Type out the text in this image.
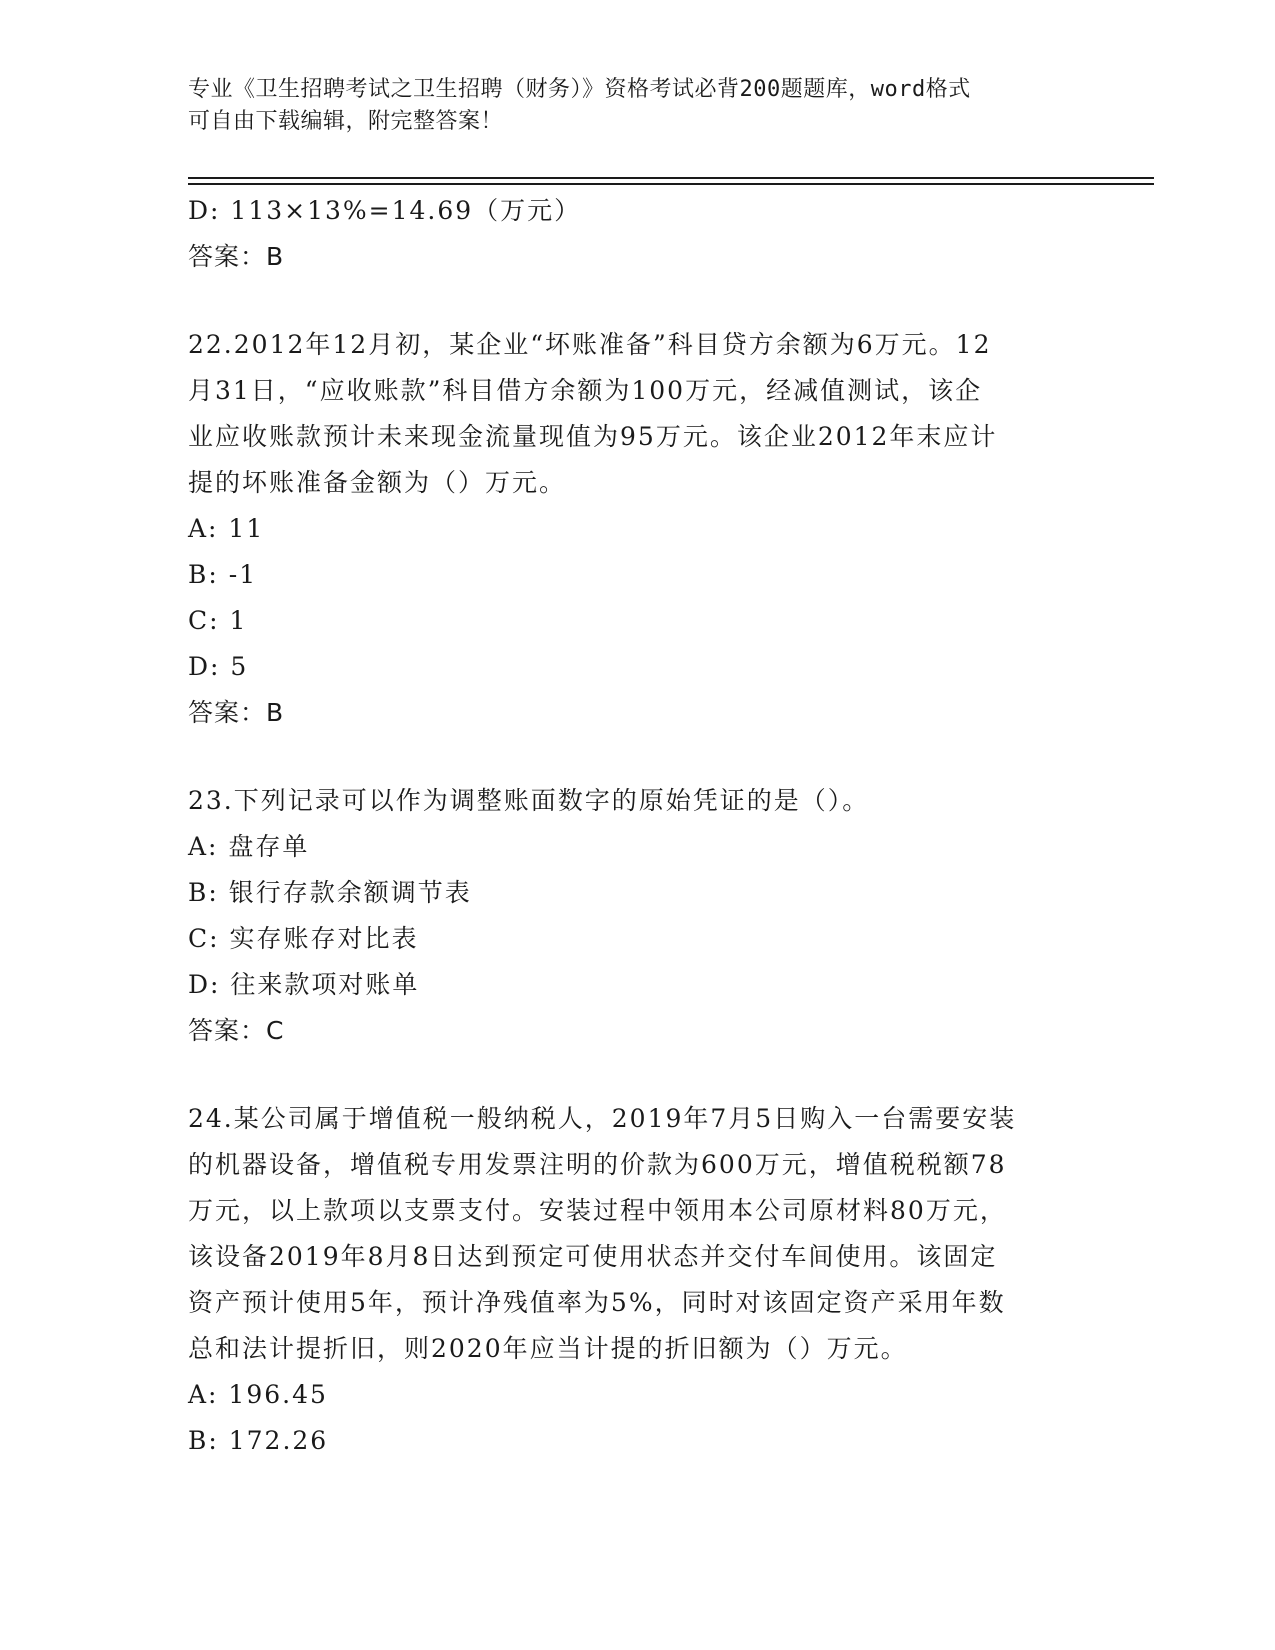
专业《卫生招聘考试之卫生招聘（财务）》资格考试必背200题题库，word格式
可自由下载编辑，附完整答案！
D: 113×13%=14.69（万元）
答案：B
22.2012年12月初，某企业“坏账准备”科目贷方余额为6万元。12
月31日，“应收账款”科目借方余额为100万元，经减值测试，该企
业应收账款预计未来现金流量现值为95万元。该企业2012年末应计
提的坏账准备金额为（）万元。
A: 11
B: -1
C: 1
D: 5
答案：B
23.下列记录可以作为调整账面数字的原始凭证的是（）。
A: 盘存单
B: 银行存款余额调节表
C: 实存账存对比表
D: 往来款项对账单
答案：C
24.某公司属于增值税一般纳税人，2019年7月5日购入一台需要安装
的机器设备，增值税专用发票注明的价款为600万元，增值税税额78
万元，以上款项以支票支付。安装过程中领用本公司原材料80万元，
该设备2019年8月8日达到预定可使用状态并交付车间使用。该固定
资产预计使用5年，预计净残值率为5%，同时对该固定资产采用年数
总和法计提折旧，则2020年应当计提的折旧额为（）万元。
A: 196.45
B: 172.26
